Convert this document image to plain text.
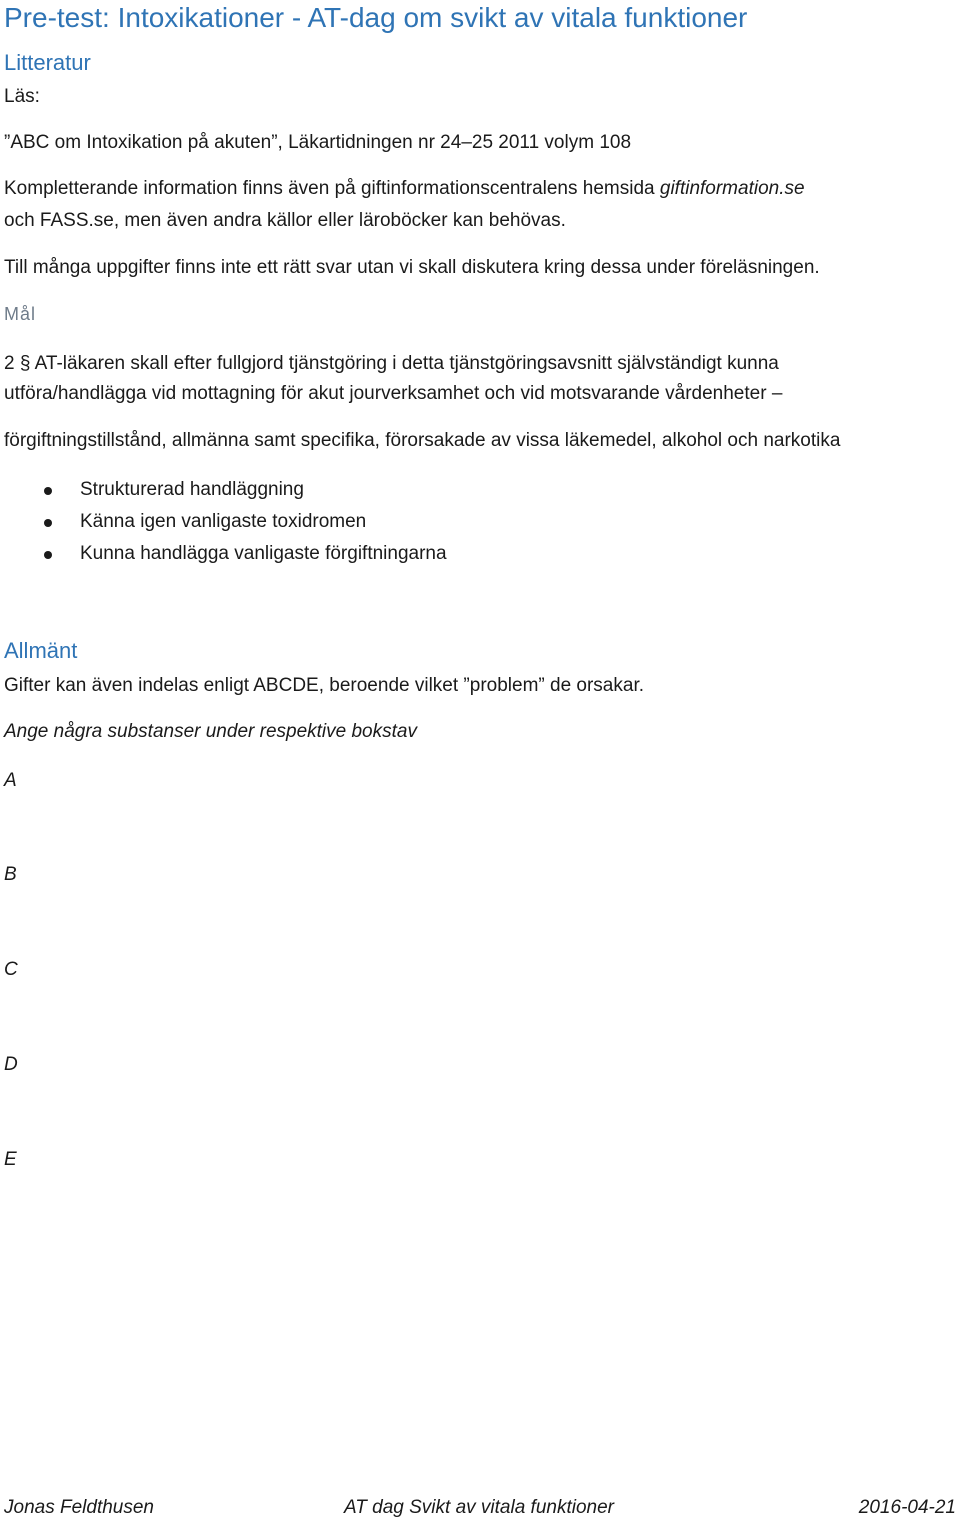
Pre-test: Intoxikationer - AT-dag om svikt av vitala funktioner
Litteratur
Läs:
”ABC om Intoxikation på akuten”, Läkartidningen nr 24–25 2011 volym 108
Kompletterande information finns även på giftinformationscentralens hemsida giftinformation.se
och FASS.se, men även andra källor eller läroböcker kan behövas.
Till många uppgifter finns inte ett rätt svar utan vi skall diskutera kring dessa under föreläsningen.
Mål
2 § AT-läkaren skall efter fullgjord tjänstgöring i detta tjänstgöringsavsnitt självständigt kunna
utföra/handlägga vid mottagning för akut jourverksamhet och vid motsvarande vårdenheter –
förgiftningstillstånd, allmänna samt specifika, förorsakade av vissa läkemedel, alkohol och narkotika
Strukturerad handläggning
Känna igen vanligaste toxidromen
Kunna handlägga vanligaste förgiftningarna
Allmänt
Gifter kan även indelas enligt ABCDE, beroende vilket ”problem” de orsakar.
Ange några substanser under respektive bokstav
A
B
C
D
E
Jonas Feldthusen	AT dag Svikt av vitala funktioner	2016-04-21
